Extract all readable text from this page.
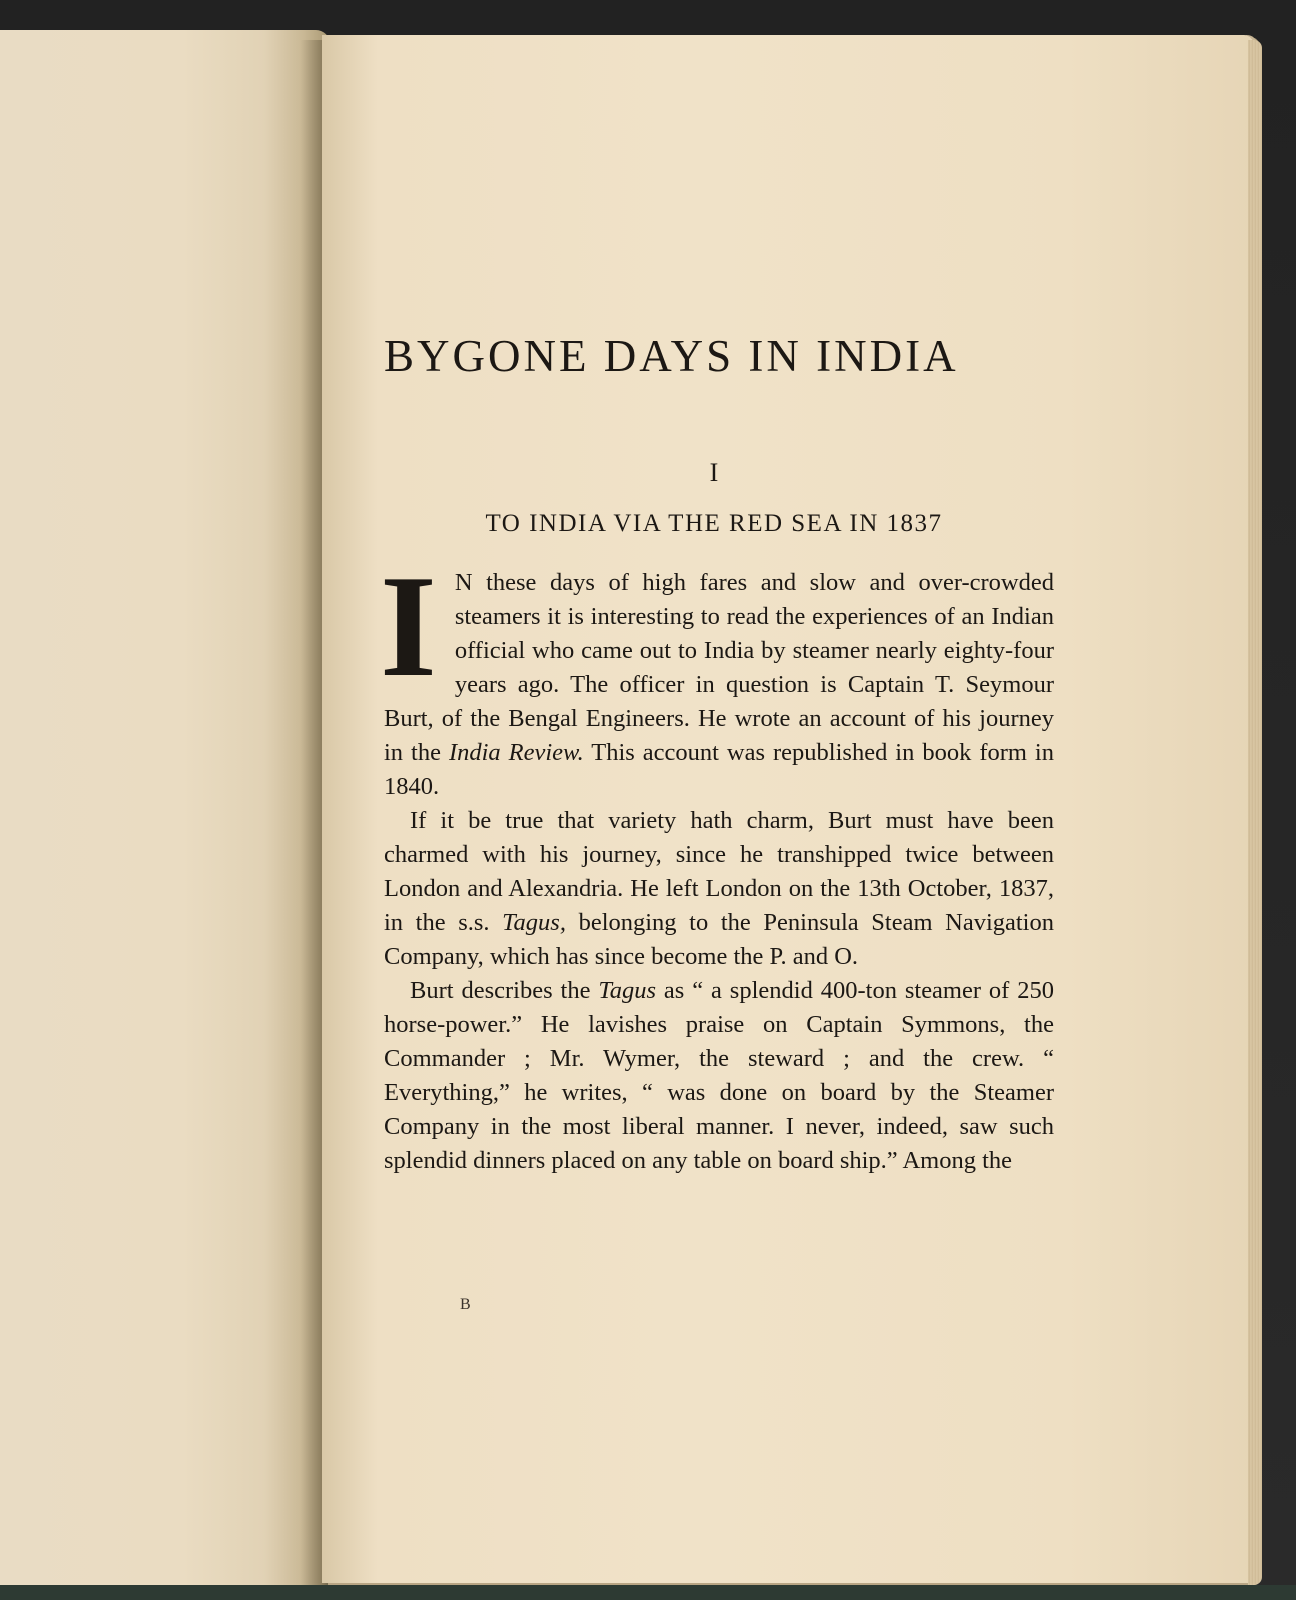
BYGONE DAYS IN INDIA
I
TO INDIA VIA THE RED SEA IN 1837

I N these days of high fares and slow and over-crowded steamers it is interesting to read the experiences of an Indian official who came out to India by steamer nearly eighty-four years ago. The officer in question is Captain T. Seymour Burt, of the Bengal Engineers. He wrote an account of his journey in the India Review. This account was republished in book form in 1840.

If it be true that variety hath charm, Burt must have been charmed with his journey, since he transhipped twice between London and Alexandria. He left London on the 13th October, 1837, in the s.s. Tagus, belonging to the Peninsula Steam Navigation Company, which has since become the P. and O.

Burt describes the Tagus as “ a splendid 400-ton steamer of 250 horse-power.” He lavishes praise on Captain Symmons, the Commander ; Mr. Wymer, the steward ; and the crew. “ Everything,” he writes, “ was done on board by the Steamer Company in the most liberal manner. I never, indeed, saw such splendid dinners placed on any table on board ship.” Among the

B
